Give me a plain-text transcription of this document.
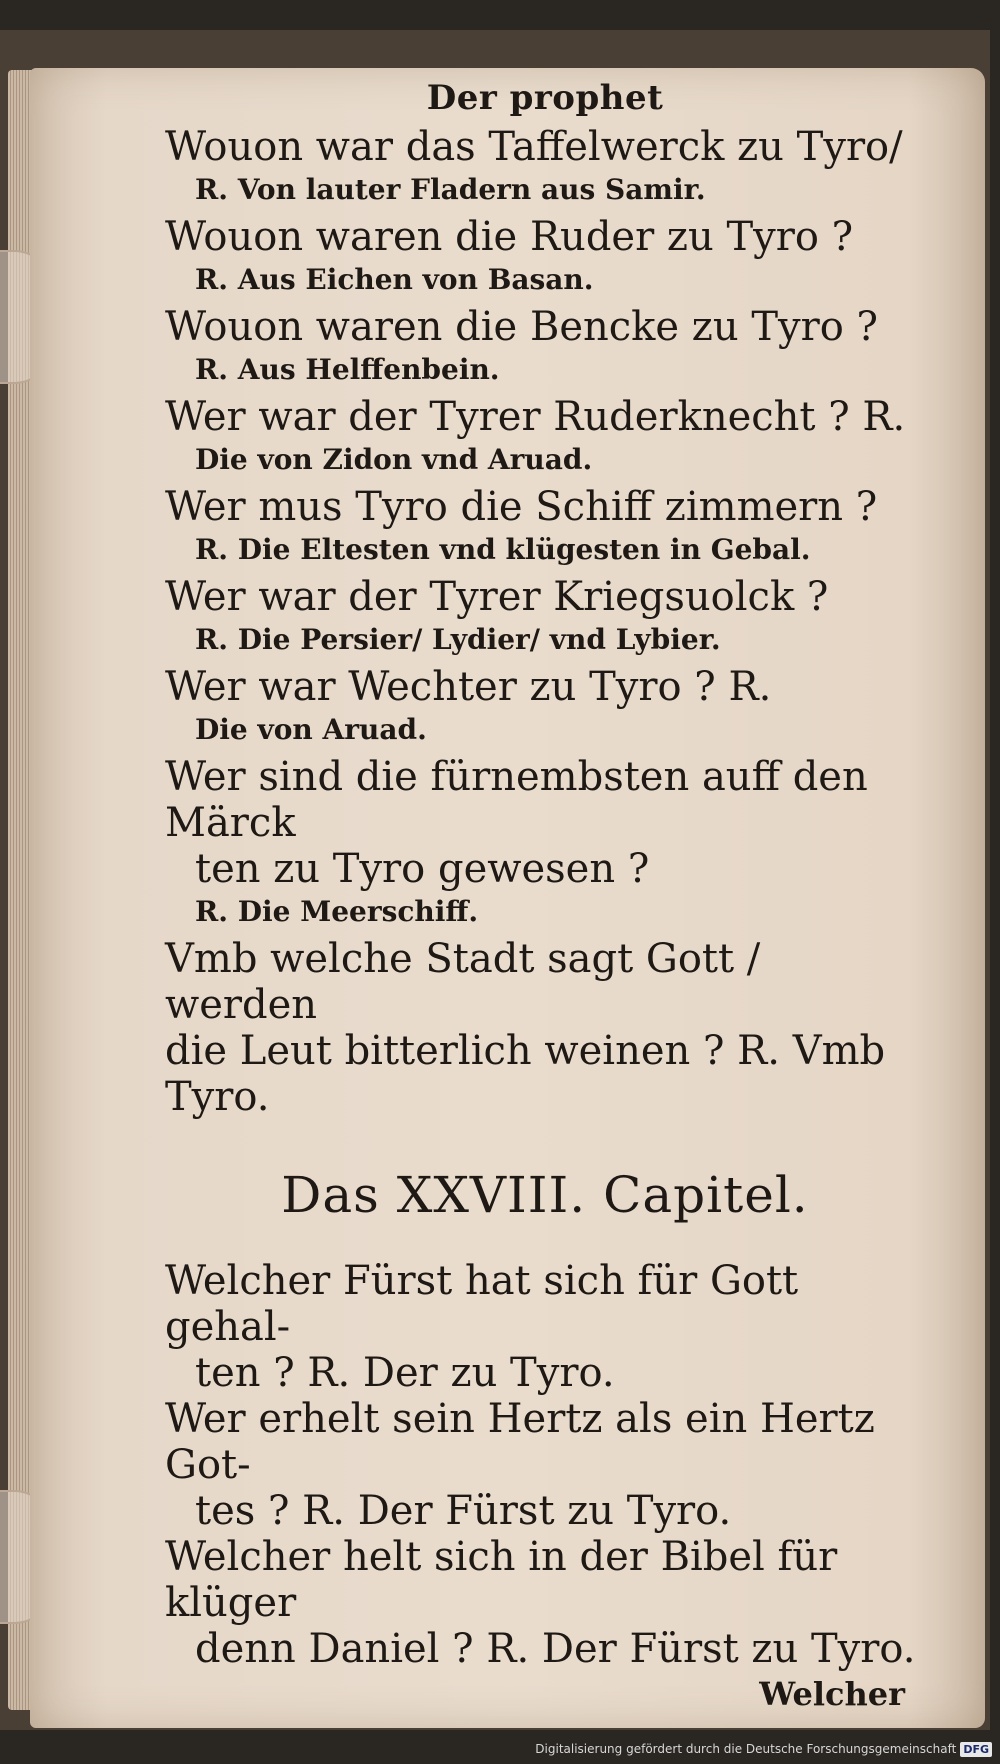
Der prophet

Wouon war das Taffelwerck zu Tyro/

R. Von lauter Fladern aus Samir.

Wouon waren die Ruder zu Tyro ?

R. Aus Eichen von Basan.

Wouon waren die Bencke zu Tyro ?

R. Aus Helffenbein.

Wer war der Tyrer Ruderknecht ? R.

Die von Zidon vnd Aruad.

Wer mus Tyro die Schiff zimmern ?

R. Die Eltesten vnd klügesten in Gebal.

Wer war der Tyrer Kriegsuolck ?

R. Die Persier/ Lydier/ vnd Lybier.

Wer war Wechter zu Tyro ? R.

Die von Aruad.

Wer sind die fürnembsten auff den Märck

ten zu Tyro gewesen ?

R. Die Meerschiff.

Vmb welche Stadt sagt Gott / werden

die Leut bitterlich weinen ? R. Vmb Tyro.

Das XXVIII. Capitel.

Welcher Fürst hat sich für Gott gehal-

ten ? R. Der zu Tyro.

Wer erhelt sein Hertz als ein Hertz Got-

tes ? R. Der Fürst zu Tyro.

Welcher helt sich in der Bibel für klüger

denn Daniel ? R. Der Fürst zu Tyro.

Welcher
Digitalisierung gefördert durch die Deutsche Forschungsgemeinschaft DFG
